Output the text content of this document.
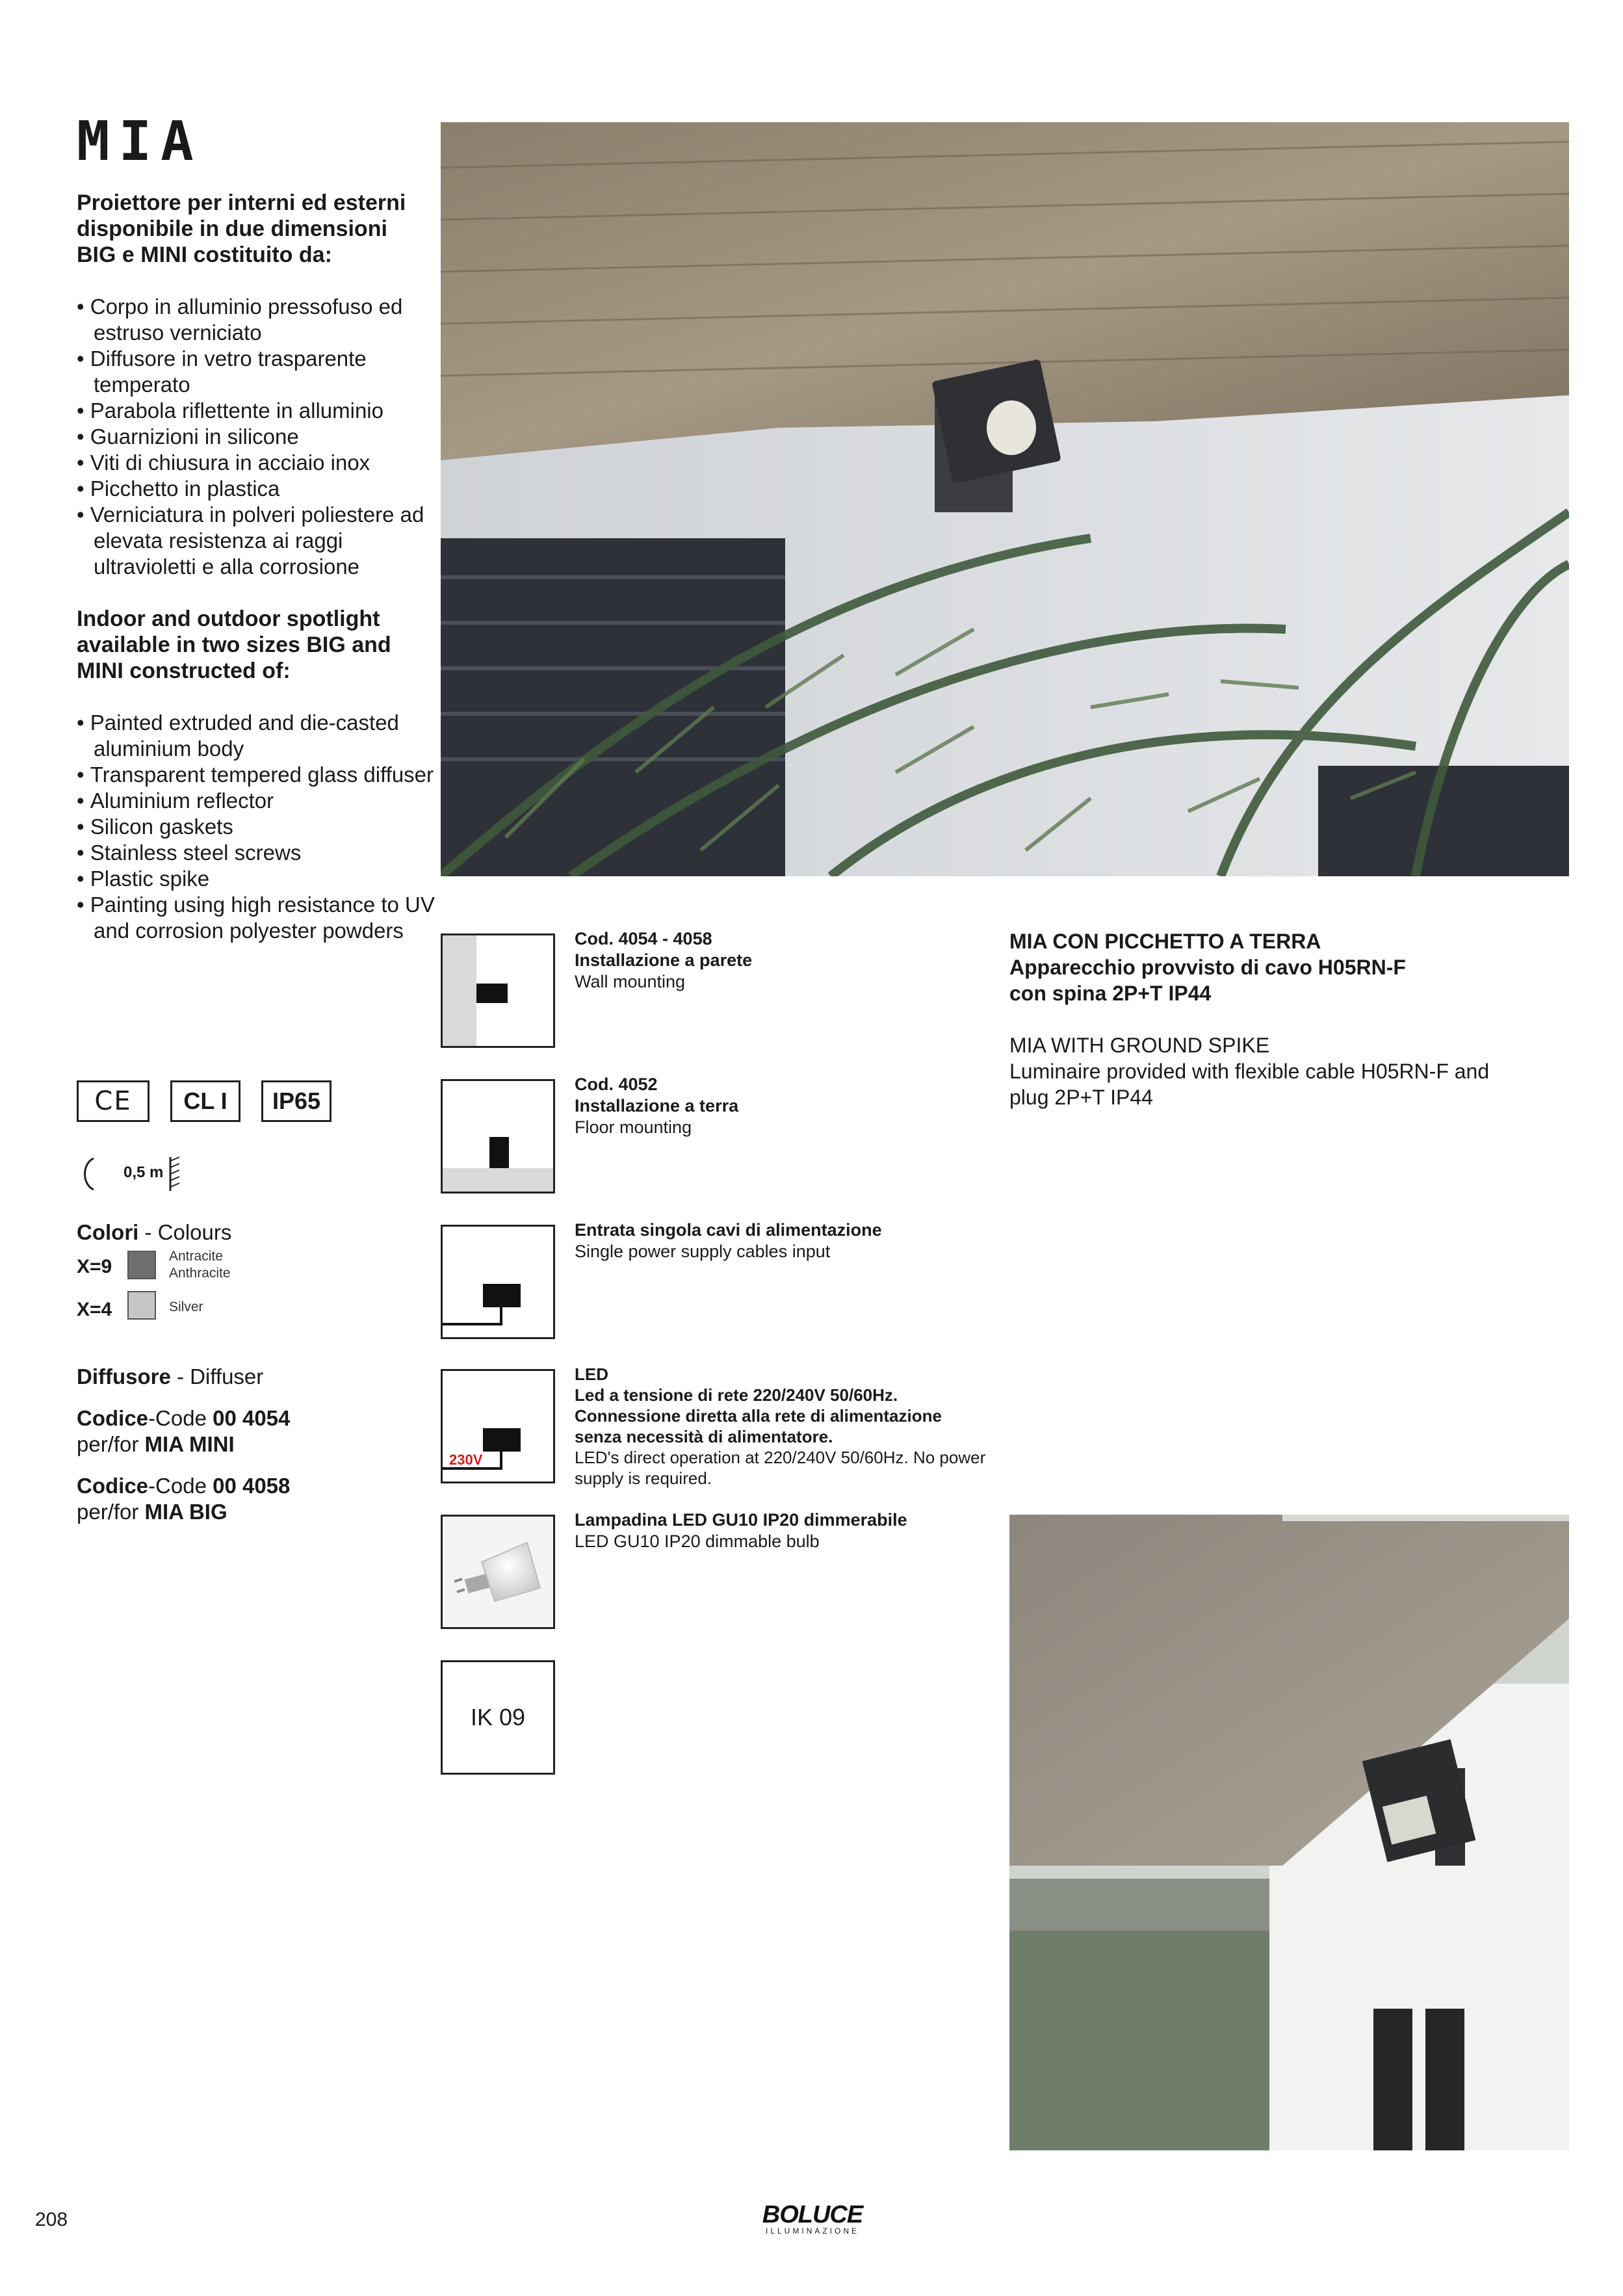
MIA
Proiettore per interni ed esterni disponibile in due dimensioni BIG e MINI costituito da:
• Corpo in alluminio pressofuso ed estruso verniciato
• Diffusore in vetro trasparente temperato
• Parabola riflettente in alluminio
• Guarnizioni in silicone
• Viti di chiusura in acciaio inox
• Picchetto in plastica
• Verniciatura in polveri poliestere ad elevata resistenza ai raggi ultravioletti e alla corrosione
Indoor and outdoor spotlight available in two sizes BIG and MINI constructed of:
• Painted extruded and die-casted aluminium body
• Transparent tempered glass diffuser
• Aluminium reflector
• Silicon gaskets
• Stainless steel screws
• Plastic spike
• Painting using high resistance to UV and corrosion polyester powders
CE	CL I	IP65
0,5 m
Colori - Colours
X=9	Antracite
Anthracite
X=4	Silver
Diffusore - Diffuser
Codice-Code 00 4054
per/for MIA MINI
Codice-Code 00 4058
per/for MIA BIG
Cod. 4054 - 4058
Installazione a parete
Wall mounting
Cod. 4052
Installazione a terra
Floor mounting
Entrata singola cavi di alimentazione
Single power supply cables input
230V
LED
Led a tensione di rete 220/240V 50/60Hz. Connessione diretta alla rete di alimentazione senza necessità di alimentatore.
LED's direct operation at 220/240V 50/60Hz. No power supply is required.
Lampadina LED GU10 IP20 dimmerabile
LED GU10 IP20 dimmable bulb
IK 09
MIA CON PICCHETTO A TERRA
Apparecchio provvisto di cavo H05RN-F con spina 2P+T IP44
MIA WITH GROUND SPIKE
Luminaire provided with flexible cable H05RN-F and plug 2P+T IP44
208	BOLUCE
ILLUMINAZIONE
